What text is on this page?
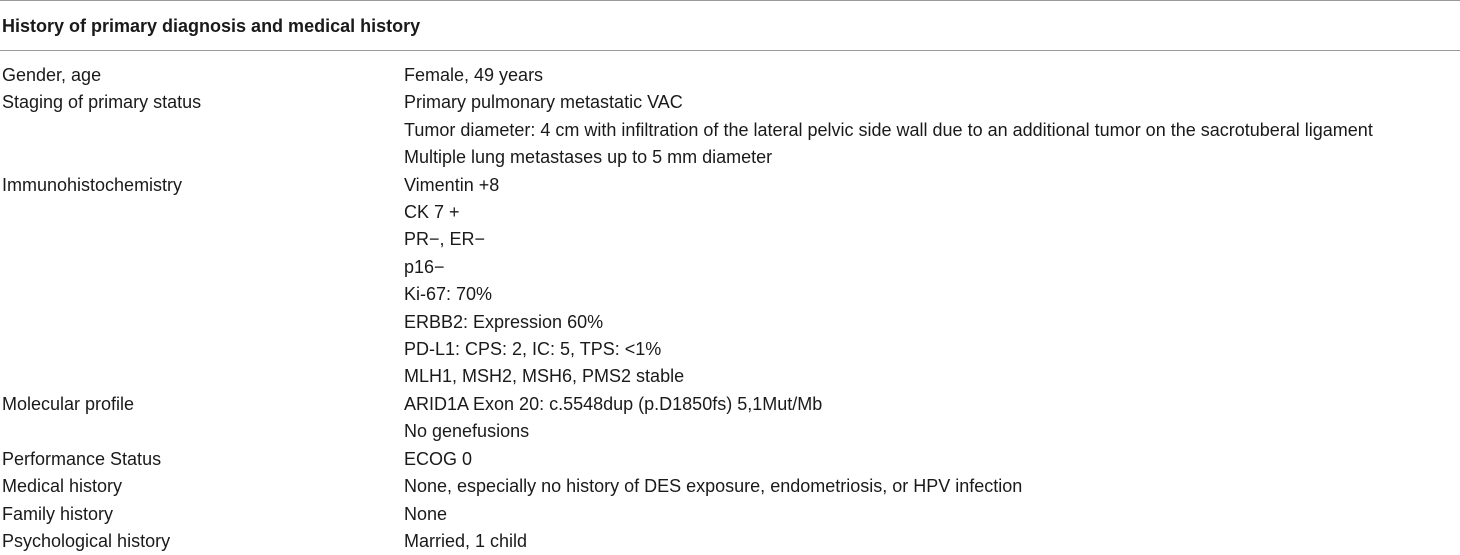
History of primary diagnosis and medical history
Gender, age	Female, 49 years
Staging of primary status	Primary pulmonary metastatic VAC
Tumor diameter: 4 cm with infiltration of the lateral pelvic side wall due to an additional tumor on the sacrotuberal ligament
Multiple lung metastases up to 5 mm diameter
Immunohistochemistry	Vimentin +8
CK 7 +
PR−, ER−
p16−
Ki-67: 70%
ERBB2: Expression 60%
PD-L1: CPS: 2, IC: 5, TPS: <1%
MLH1, MSH2, MSH6, PMS2 stable
Molecular profile	ARID1A Exon 20: c.5548dup (p.D1850fs) 5,1Mut/Mb
No genefusions
Performance Status	ECOG 0
Medical history	None, especially no history of DES exposure, endometriosis, or HPV infection
Family history	None
Psychological history	Married, 1 child
